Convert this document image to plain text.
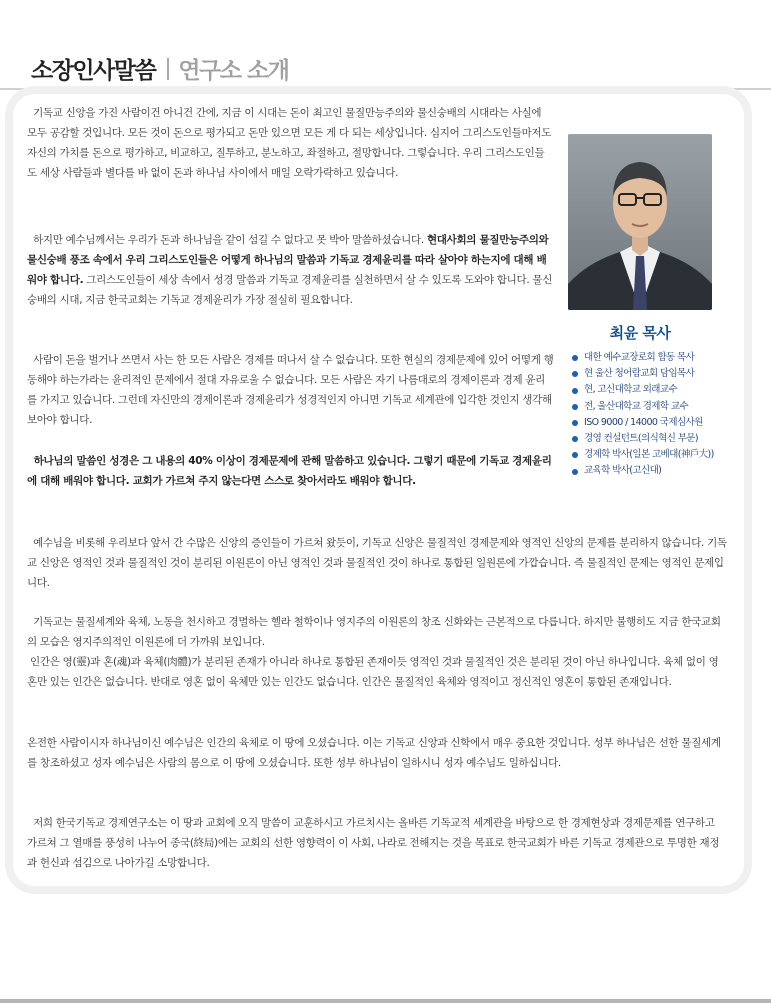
소장인사말씀 연구소 소개

기독교 신앙을 가진 사람이건 아니건 간에, 지금 이 시대는 돈이 최고인 물질만능주의와 물신숭배의 시대라는 사실에 모두 공감할 것입니다. 모든 것이 돈으로 평가되고 돈만 있으면 모든 게 다 되는 세상입니다. 심지어 그리스도인들마저도 자신의 가치를 돈으로 평가하고, 비교하고, 질투하고, 분노하고, 좌절하고, 절망합니다. 그렇습니다. 우리 그리스도인들도 세상 사람들과 별다를 바 없이 돈과 하나님 사이에서 매일 오락가락하고 있습니다.

하지만 예수님께서는 우리가 돈과 하나님을 같이 섬길 수 없다고 못 박아 말씀하셨습니다. 현대사회의 물질만능주의와 물신숭배 풍조 속에서 우리 그리스도인들은 어떻게 하나님의 말씀과 기독교 경제윤리를 따라 살아야 하는지에 대해 배워야 합니다. 그리스도인들이 세상 속에서 성경 말씀과 기독교 경제윤리를 실천하면서 살 수 있도록 도와야 합니다. 물신숭배의 시대, 지금 한국교회는 기독교 경제윤리가 가장 절실히 필요합니다.

사람이 돈을 벌거나 쓰면서 사는 한 모든 사람은 경제를 떠나서 살 수 없습니다. 또한 현실의 경제문제에 있어 어떻게 행동해야 하는가라는 윤리적인 문제에서 절대 자유로울 수 없습니다. 모든 사람은 자기 나름대로의 경제이론과 경제 윤리를 가지고 있습니다. 그런데 자신만의 경제이론과 경제윤리가 성경적인지 아니면 기독교 세계관에 입각한 것인지 생각해 보아야 합니다.

하나님의 말씀인 성경은 그 내용의 40% 이상이 경제문제에 관해 말씀하고 있습니다. 그렇기 때문에 기독교 경제윤리에 대해 배워야 합니다. 교회가 가르쳐 주지 않는다면 스스로 찾아서라도 배워야 합니다.

예수님을 비롯해 우리보다 앞서 간 수많은 신앙의 증인들이 가르쳐 왔듯이, 기독교 신앙은 물질적인 경제문제와 영적인 신앙의 문제를 분리하지 않습니다. 기독교 신앙은 영적인 것과 물질적인 것이 분리된 이원론이 아닌 영적인 것과 물질적인 것이 하나로 통합된 일원론에 가깝습니다. 즉 물질적인 문제는 영적인 문제입니다.

기독교는 물질세계와 육체, 노동을 천시하고 경멸하는 헬라 철학이나 영지주의 이원론의 창조 신화와는 근본적으로 다릅니다. 하지만 불행히도 지금 한국교회의 모습은 영지주의적인 이원론에 더 가까워 보입니다.
인간은 영(靈)과 혼(魂)과 육체(肉體)가 분리된 존재가 아니라 하나로 통합된 존재이듯 영적인 것과 물질적인 것은 분리된 것이 아닌 하나입니다. 육체 없이 영혼만 있는 인간은 없습니다. 반대로 영혼 없이 육체만 있는 인간도 없습니다. 인간은 물질적인 육체와 영적이고 정신적인 영혼이 통합된 존재입니다.

온전한 사람이시자 하나님이신 예수님은 인간의 육체로 이 땅에 오셨습니다. 이는 기독교 신앙과 신학에서 매우 중요한 것입니다. 성부 하나님은 선한 물질세계를 창조하셨고 성자 예수님은 사람의 몸으로 이 땅에 오셨습니다. 또한 성부 하나님이 일하시니 성자 예수님도 일하십니다.

저희 한국기독교 경제연구소는 이 땅과 교회에 오직 말씀이 교훈하시고 가르치시는 올바른 기독교적 세계관을 바탕으로 한 경제현상과 경제문제를 연구하고 가르쳐 그 열매를 풍성히 나누어 종국(終局)에는 교회의 선한 영향력이 이 사회, 나라로 전해지는 것을 목표로 한국교회가 바른 기독교 경제관으로 투명한 재정과 헌신과 섬김으로 나아가길 소망합니다.

최윤 목사
대한 예수교장로회 합동 목사
현 울산 청어람교회 담임목사
현, 고신대학교 외래교수
전, 울산대학교 경제학 교수
ISO 9000 / 14000 국제심사원
경영 컨설턴트(의식혁신 부문)
경제학 박사(일본 고베대(神戶大))
교육학 박사(고신대)
